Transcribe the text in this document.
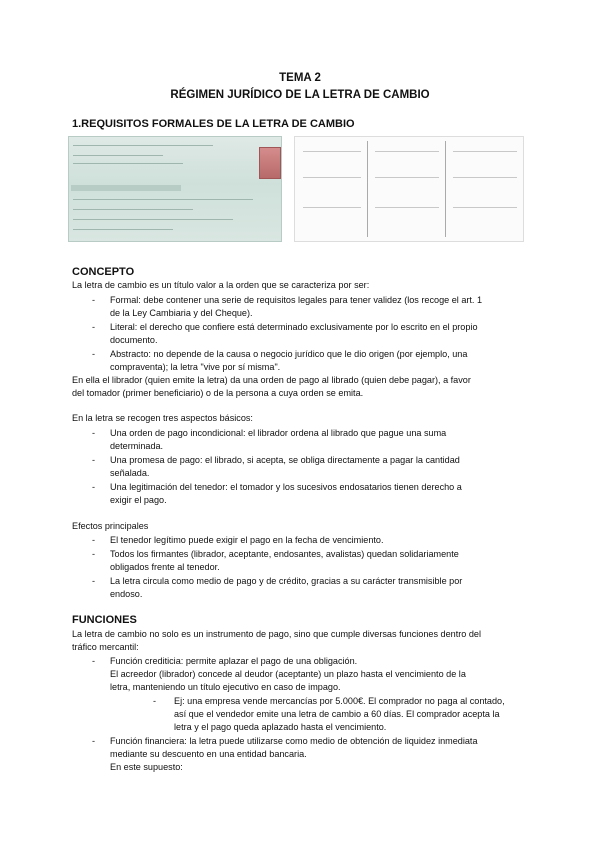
TEMA 2
RÉGIMEN JURÍDICO DE LA LETRA DE CAMBIO
1.REQUISITOS FORMALES DE LA LETRA DE CAMBIO
CONCEPTO
La letra de cambio es un título valor a la orden que se caracteriza por ser:
- Formal: debe contener una serie de requisitos legales para tener validez (los recoge el art. 1
de la Ley Cambiaria y del Cheque).
- Literal: el derecho que confiere está determinado exclusivamente por lo escrito en el propio
documento.
- Abstracto: no depende de la causa o negocio jurídico que le dio origen (por ejemplo, una
compraventa); la letra "vive por sí misma".
En ella el librador (quien emite la letra) da una orden de pago al librado (quien debe pagar), a favor
del tomador (primer beneficiario) o de la persona a cuya orden se emita.
En la letra se recogen tres aspectos básicos:
- Una orden de pago incondicional: el librador ordena al librado que pague una suma
determinada.
- Una promesa de pago: el librado, si acepta, se obliga directamente a pagar la cantidad
señalada.
- Una legitimación del tenedor: el tomador y los sucesivos endosatarios tienen derecho a
exigir el pago.
Efectos principales
- El tenedor legítimo puede exigir el pago en la fecha de vencimiento.
- Todos los firmantes (librador, aceptante, endosantes, avalistas) quedan solidariamente
obligados frente al tenedor.
- La letra circula como medio de pago y de crédito, gracias a su carácter transmisible por
endoso.
FUNCIONES
La letra de cambio no solo es un instrumento de pago, sino que cumple diversas funciones dentro del
tráfico mercantil:
- Función crediticia: permite aplazar el pago de una obligación.
El acreedor (librador) concede al deudor (aceptante) un plazo hasta el vencimiento de la
letra, manteniendo un título ejecutivo en caso de impago.
- Ej: una empresa vende mercancías por 5.000€. El comprador no paga al contado,
así que el vendedor emite una letra de cambio a 60 días. El comprador acepta la
letra y el pago queda aplazado hasta el vencimiento.
- Función financiera: la letra puede utilizarse como medio de obtención de liquidez inmediata
mediante su descuento en una entidad bancaria.
En este supuesto:
